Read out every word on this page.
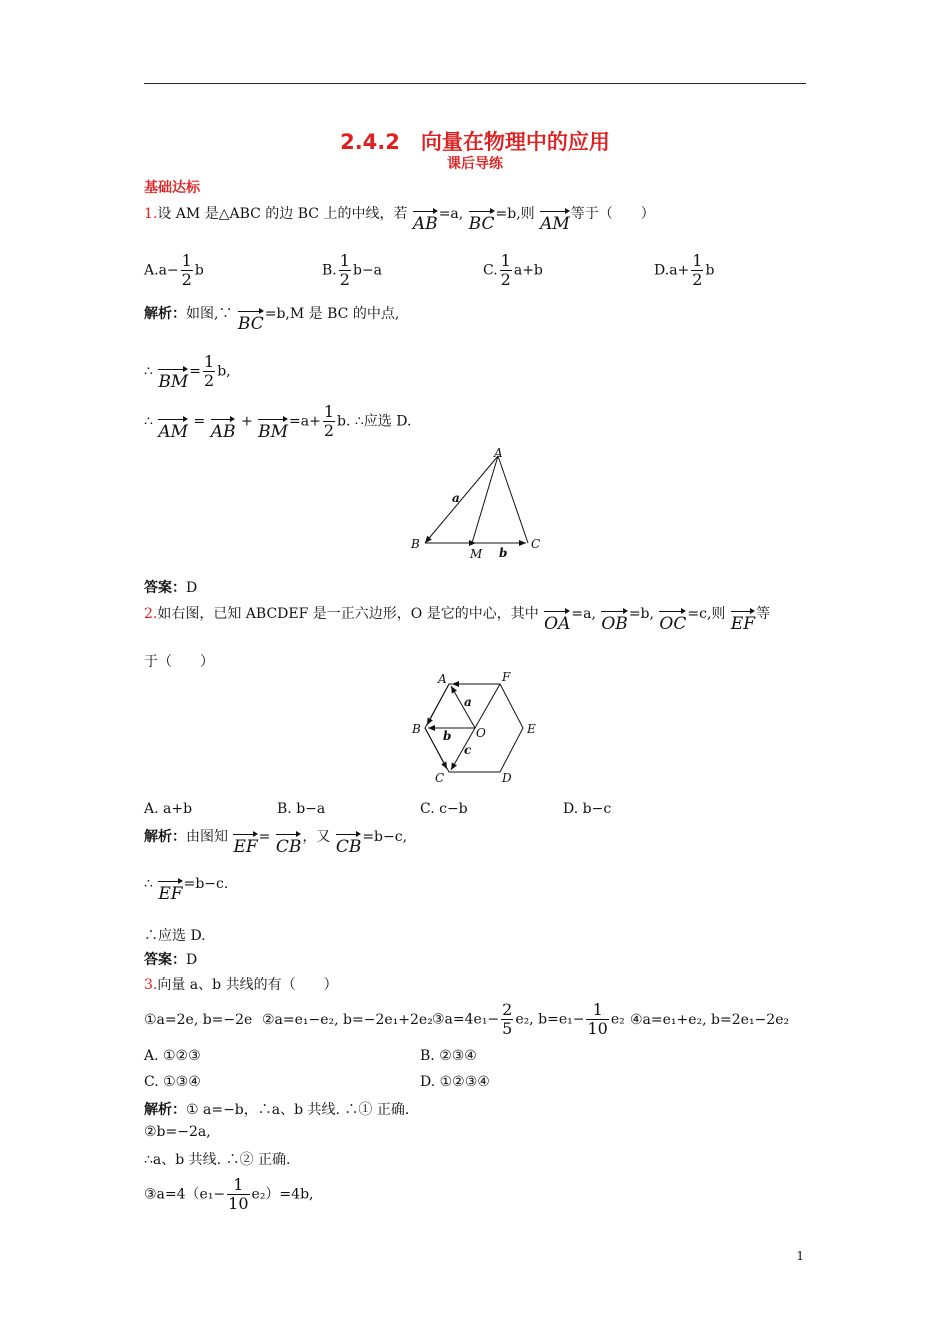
2.4.2　向量在物理中的应用
课后导练
基础达标
1.设 AM 是△ABC 的边 BC 上的中线，若 AB=a, BC=b,则 AM等于（　　）
$A.a- \frac{1}{2}$ b	B. $\frac{1}{2} b-a$	C. $\frac{1}{2} a+b$	$D.a+ \frac{1}{2}$ b
解析：如图,∵ BC=b,M 是 BC 的中点,
∴ $BM= \frac{1}{2} b$,
∴ AM = AB + $BM=a+ \frac{1}{2} b$. ∴应选 D.
A
B	C
M
a
b
答案：D
2.如右图，已知 ABCDEF 是一正六边形，O 是它的中心，其中 OA=a, OB=b, OC=c,则 EF等
于（　　）
A	F
B	E
C	D
O
a
b
c
A. a+b	B. b−a	C. c−b	D. b−c
解析：由图知 EF= CB，又 CB=b−c,
∴ EF=b−c.
∴应选 D.
答案：D
3.向量 a、b 共线的有（　　）
①a=2e, b=−2e ②a=e₁−e₂, b=−2e₁+2e₂ ③a=4e₁− $\frac{2}{5} e_2$, $b=e_1- \frac{1}{10} e_2$ ④a=e₁+e₂, b=2e₁−2e₂
A. ①②③	B. ②③④
C. ①③④	D. ①②③④
解析：① a=−b，∴a、b 共线. ∴① 正确.
②b=−2a,
∴a、b 共线. ∴② 正确.
③a=4（e₁− $\frac{1}{10} e_2)=4b$,
1
